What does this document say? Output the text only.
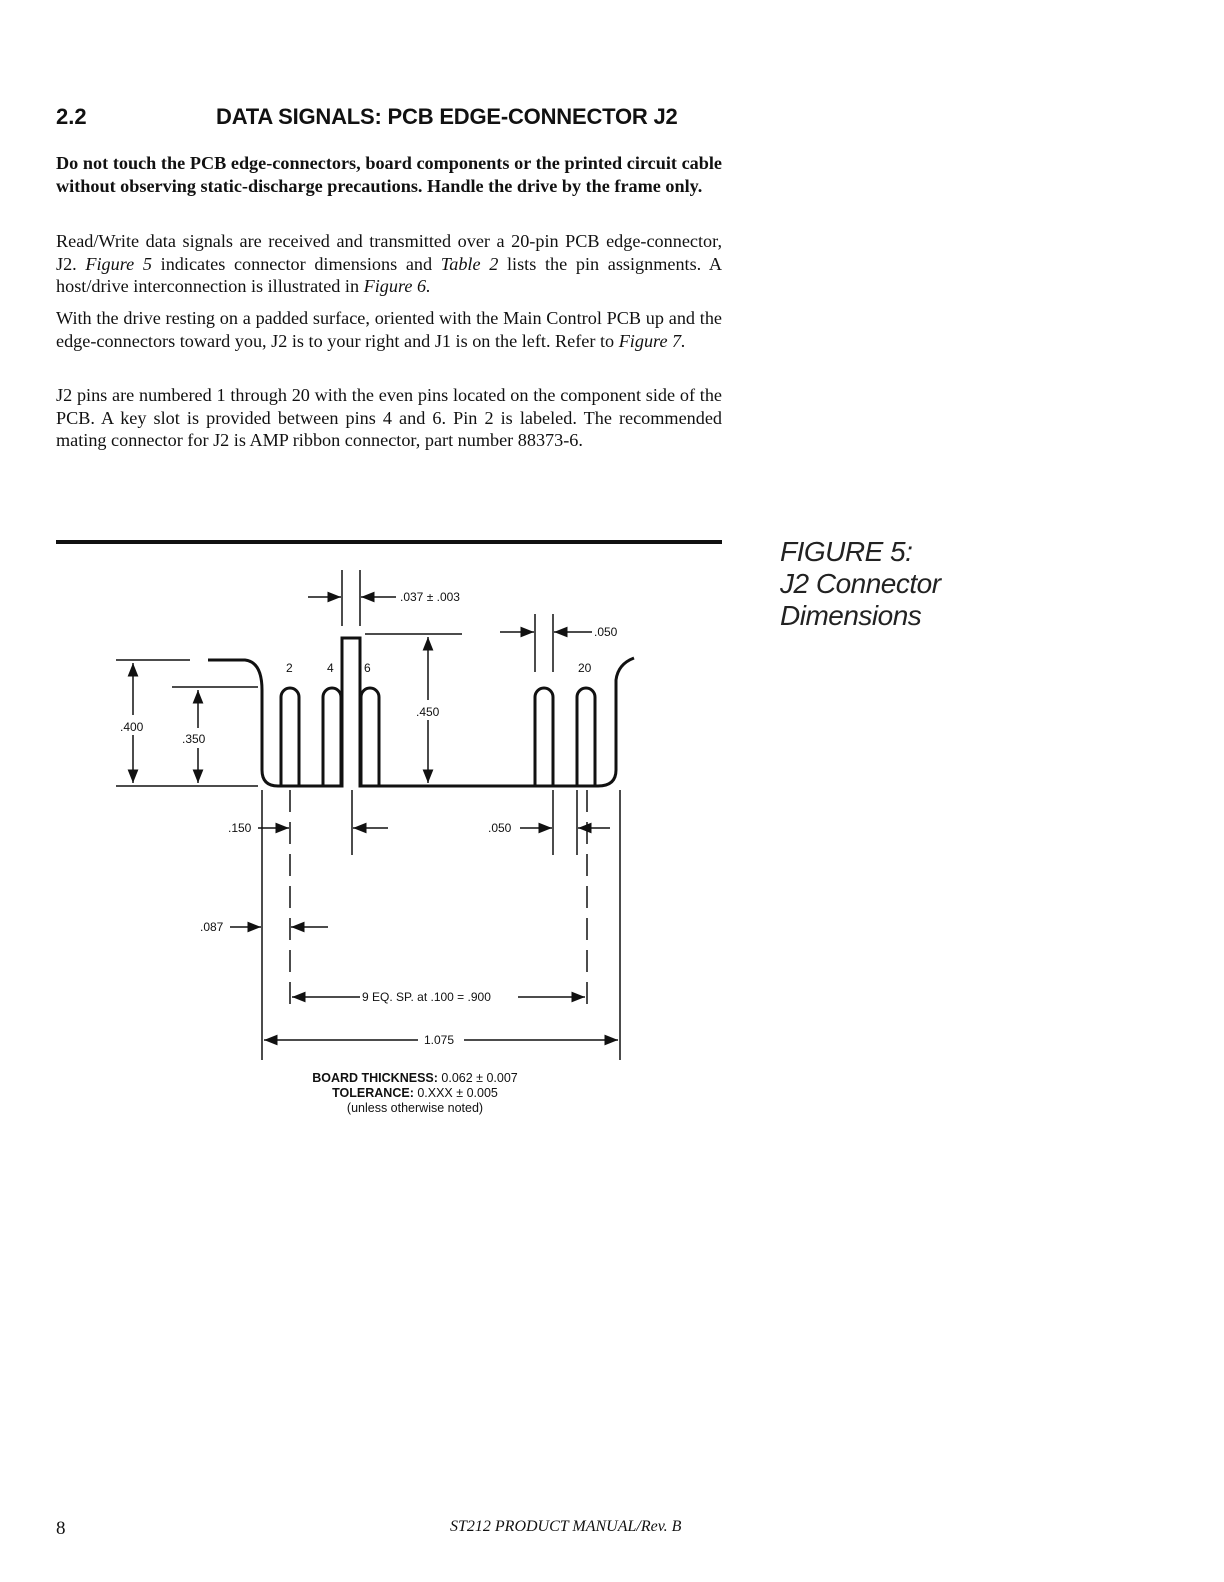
2.2	DATA SIGNALS: PCB EDGE-CONNECTOR J2

Do not touch the PCB edge-connectors, board components or the printed circuit cable without observing static-discharge precautions. Handle the drive by the frame only.

Read/Write data signals are received and transmitted over a 20-pin PCB edge-connector, J2. Figure 5 indicates connector dimensions and Table 2 lists the pin assignments. A host/drive interconnection is illustrated in Figure 6.

With the drive resting on a padded surface, oriented with the Main Control PCB up and the edge-connectors toward you, J2 is to your right and J1 is on the left. Refer to Figure 7.

J2 pins are numbered 1 through 20 with the even pins located on the component side of the PCB. A key slot is provided between pins 4 and 6. Pin 2 is labeled. The recommended mating connector for J2 is AMP ribbon connector, part number 88373-6.

FIGURE 5:
J2 Connector
Dimensions
.037 ± .003
.050
.450
.400
.350
.150	.050
.087
9 EQ. SP. at .100 = .900
1.075
2	4	6	20
BOARD THICKNESS: 0.062 ± 0.007
TOLERANCE: 0.XXX ± 0.005
(unless otherwise noted)
8	ST212 PRODUCT MANUAL/Rev. B
